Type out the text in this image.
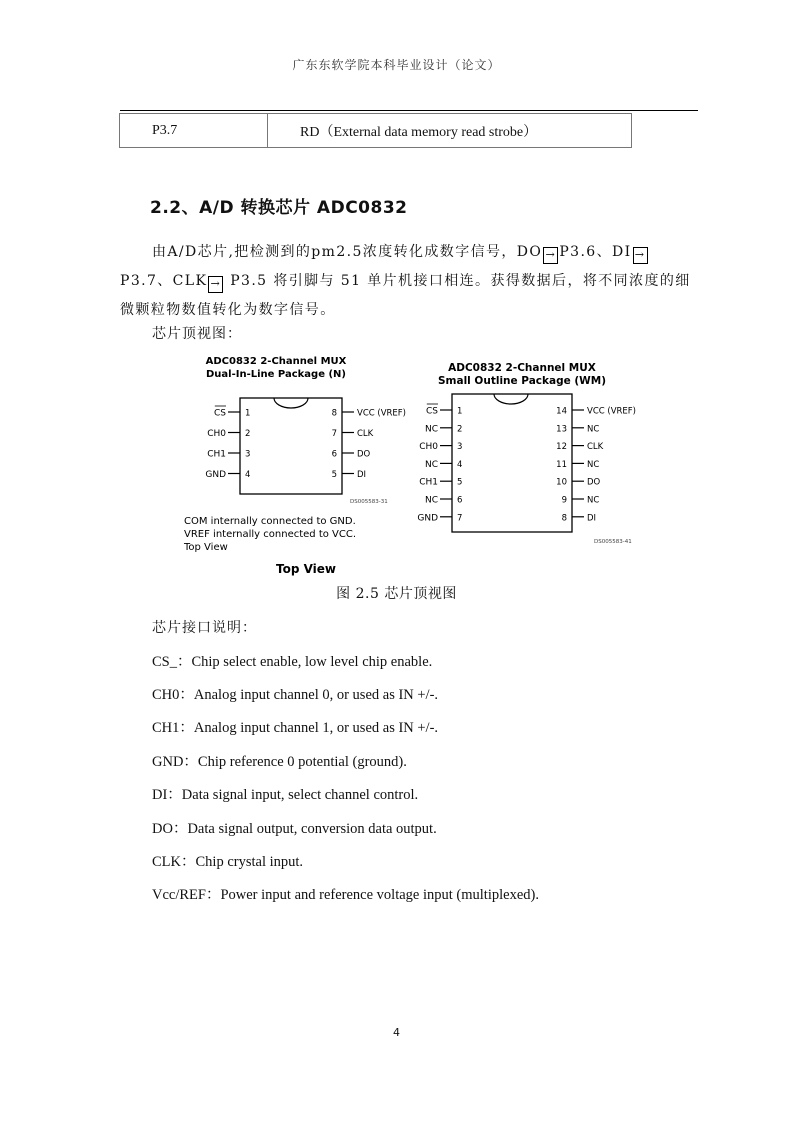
广东东软学院本科毕业设计（论文）
P3.7	RD（External data memory read strobe）
2.2、A/D 转换芯片 ADC0832
由A/D芯片,把检测到的pm2.5浓度转化成数字信号，DO → P3.6、DI →P3.7、CLK → P3.5 将引脚与 51 单片机接口相连。获得数据后，将不同浓度的细微颗粒物数值转化为数字信号。
芯片顶视图：
ADC0832 2-Channel MUX
Dual-In-Line Package (N)
CS 1
CH0 2
CH1 3
GND 4
8 VCC (VREF)
7 CLK
6 DO
5 DI
DS005583-31
COM internally connected to GND.
VREF internally connected to VCC.
Top View
Top View
ADC0832 2-Channel MUX
Small Outline Package (WM)
CS 1
NC 2
CH0 3
NC 4
CH1 5
NC 6
GND 7
14 VCC (VREF)
13 NC
12 CLK
11 NC
10 DO
9 NC
8 DI
DS005583-41
图 2.5 芯片顶视图
芯片接口说明：
CS_：Chip select enable, low level chip enable.
CH0：Analog input channel 0, or used as IN +/-.
CH1：Analog input channel 1, or used as IN +/-.
GND：Chip reference 0 potential (ground).
DI：Data signal input, select channel control.
DO：Data signal output, conversion data output.
CLK：Chip crystal input.
Vcc/REF：Power input and reference voltage input (multiplexed).
4
